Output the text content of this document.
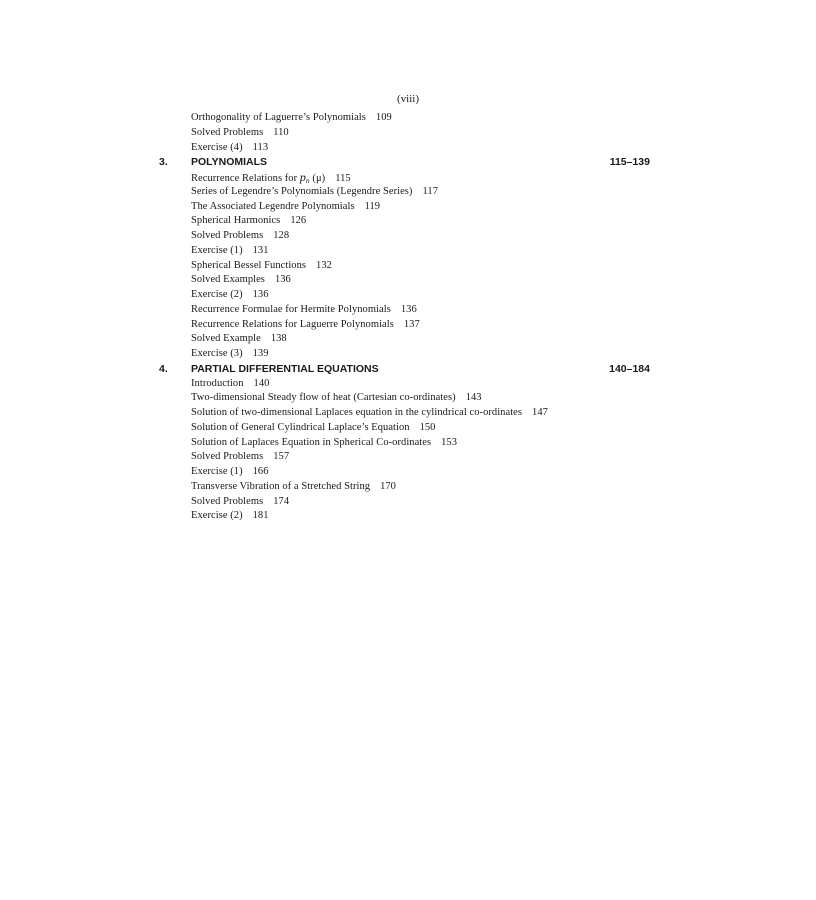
(viii)
Orthogonality of Laguerre’s Polynomials 109
Solved Problems 110
Exercise (4) 113
3. POLYNOMIALS	115–139
Recurrence Relations for pn (μ) 115
Series of Legendre’s Polynomials (Legendre Series) 117
The Associated Legendre Polynomials 119
Spherical Harmonics 126
Solved Problems 128
Exercise (1) 131
Spherical Bessel Functions 132
Solved Examples 136
Exercise (2) 136
Recurrence Formulae for Hermite Polynomials 136
Recurrence Relations for Laguerre Polynomials 137
Solved Example 138
Exercise (3) 139
4. PARTIAL DIFFERENTIAL EQUATIONS	140–184
Introduction 140
Two-dimensional Steady flow of heat (Cartesian co-ordinates) 143
Solution of two-dimensional Laplaces equation in the cylindrical co-ordinates 147
Solution of General Cylindrical Laplace’s Equation 150
Solution of Laplaces Equation in Spherical Co-ordinates 153
Solved Problems 157
Exercise (1) 166
Transverse Vibration of a Stretched String 170
Solved Problems 174
Exercise (2) 181
